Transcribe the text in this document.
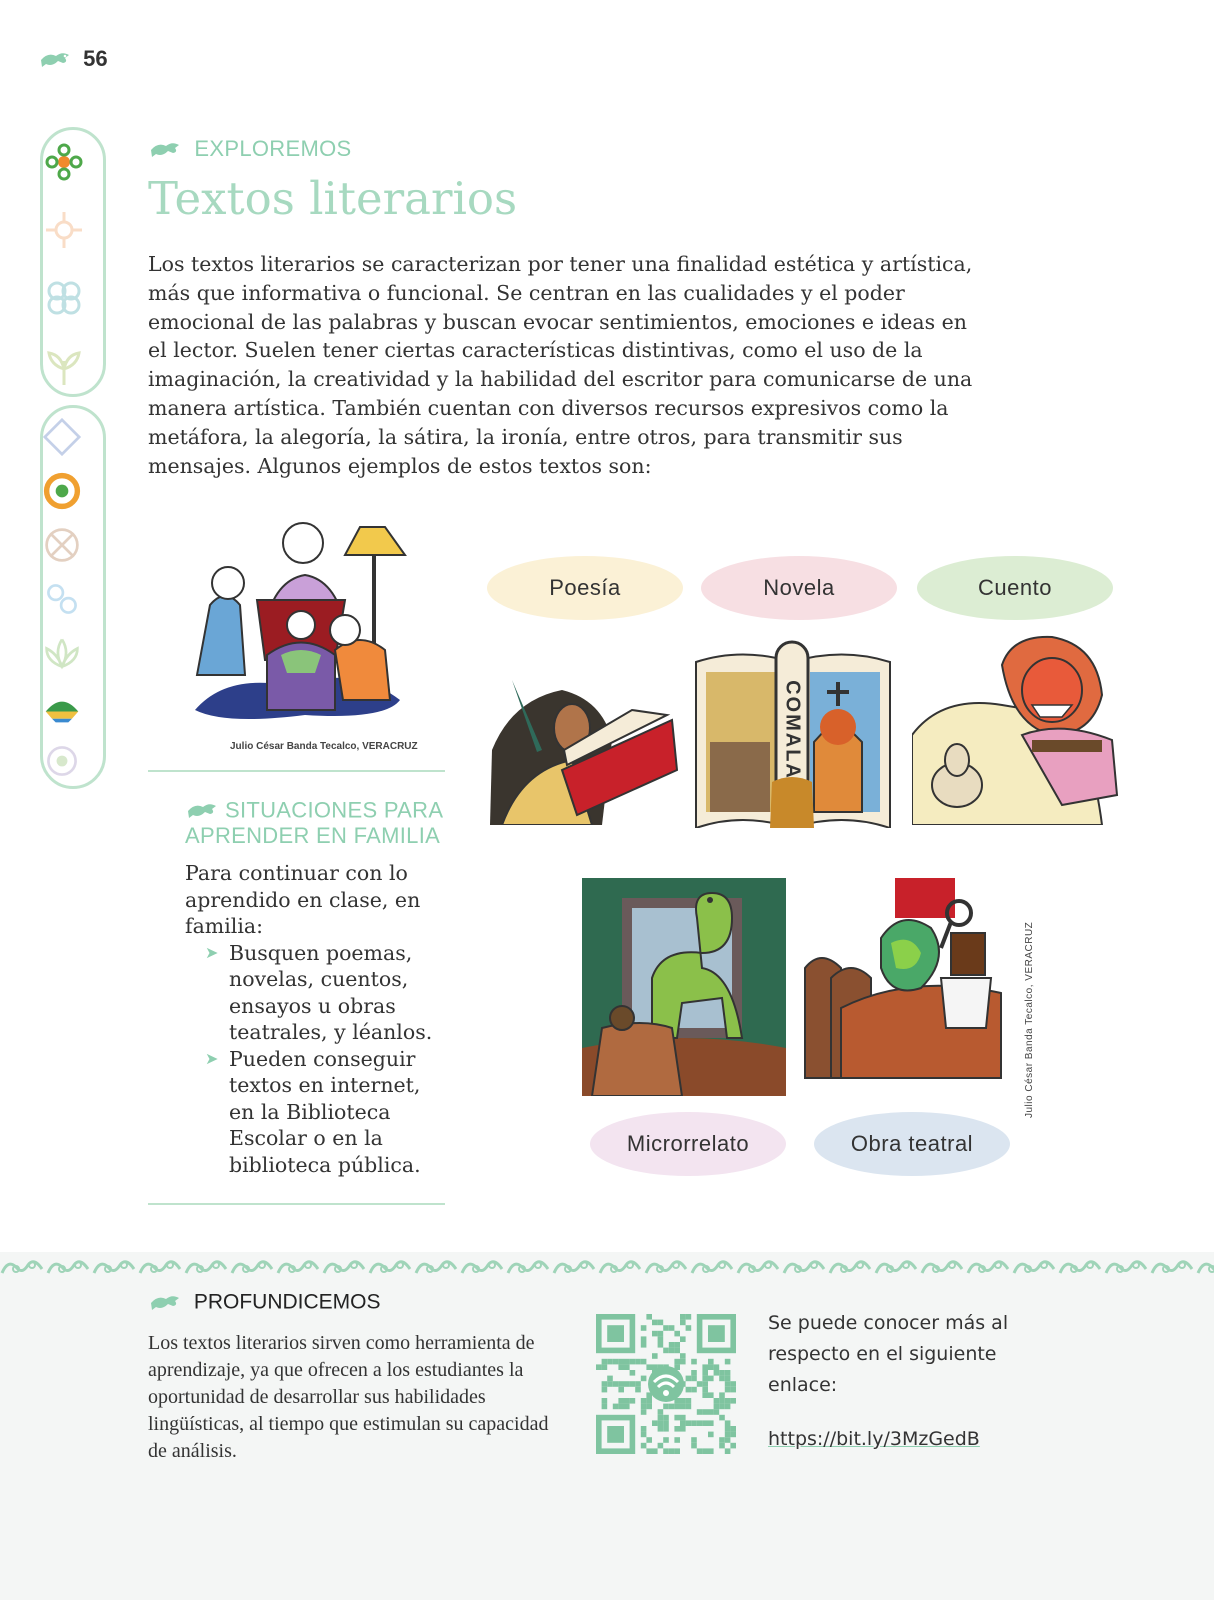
56

EXPLOREMOS
Textos literarios

Los textos literarios se caracterizan por tener una finalidad estética y artística, más que informativa o funcional. Se centran en las cualidades y el poder emocional de las palabras y buscan evocar sentimientos, emociones e ideas en el lector. Suelen tener ciertas características distintivas, como el uso de la imaginación, la creatividad y la habilidad del escritor para comunicarse de una manera artística. También cuentan con diversos recursos expresivos como la metáfora, la alegoría, la sátira, la ironía, entre otros, para transmitir sus mensajes. Algunos ejemplos de estos textos son:

Julio César Banda Tecalco, VERACRUZ
SITUACIONES PARA
APRENDER EN FAMILIA
Para continuar con lo aprendido en clase, en familia:
➤ Busquen poemas, novelas, cuentos, ensayos u obras teatrales, y léanlos.
➤ Pueden conseguir textos en internet, en la Biblioteca Escolar o en la biblioteca pública.
Poesía	Novela	Cuento
COMALA
Julio César Banda Tecalco, VERACRUZ
Microrrelato	Obra teatral
PROFUNDICEMOS

Los textos literarios sirven como herramienta de aprendizaje, ya que ofrecen a los estudiantes la oportunidad de desarrollar sus habilidades lingüísticas, al tiempo que estimulan su capacidad de análisis.

Se puede conocer más al respecto en el siguiente enlace:
https://bit.ly/3MzGedB
